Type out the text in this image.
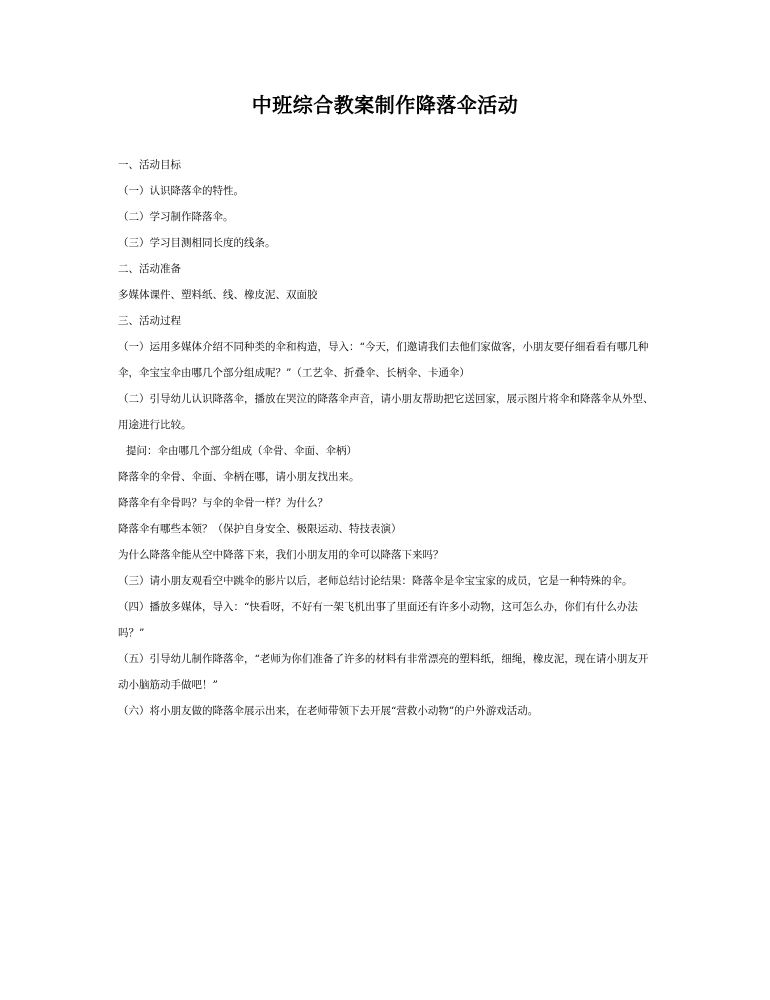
中班综合教案制作降落伞活动

一、活动目标

（一）认识降落伞的特性。

（二）学习制作降落伞。

（三）学习目测相同长度的线条。

二、活动准备

多媒体课件、塑料纸、线、橡皮泥、双面胶

三、活动过程

（一）运用多媒体介绍不同种类的伞和构造，导入：“今天，们邀请我们去他们家做客，小朋友要仔细看看有哪几种伞，伞宝宝伞由哪几个部分组成呢？”（工艺伞、折叠伞、长柄伞、卡通伞）

（二）引导幼儿认识降落伞，播放在哭泣的降落伞声音，请小朋友帮助把它送回家，展示图片将伞和降落伞从外型、用途进行比较。

提问：伞由哪几个部分组成（伞骨、伞面、伞柄）

降落伞的伞骨、伞面、伞柄在哪，请小朋友找出来。

降落伞有伞骨吗？与伞的伞骨一样？为什么？

降落伞有哪些本领？（保护自身安全、极限运动、特技表演）

为什么降落伞能从空中降落下来，我们小朋友用的伞可以降落下来吗？

（三）请小朋友观看空中跳伞的影片以后，老师总结讨论结果：降落伞是伞宝宝家的成员，它是一种特殊的伞。

（四）播放多媒体，导入：“快看呀，不好有一架飞机出事了里面还有许多小动物，这可怎么办，你们有什么办法吗？”

（五）引导幼儿制作降落伞，“老师为你们准备了许多的材料有非常漂亮的塑料纸，细绳，橡皮泥，现在请小朋友开动小脑筋动手做吧！”

（六）将小朋友做的降落伞展示出来，在老师带领下去开展“营救小动物”的户外游戏活动。
